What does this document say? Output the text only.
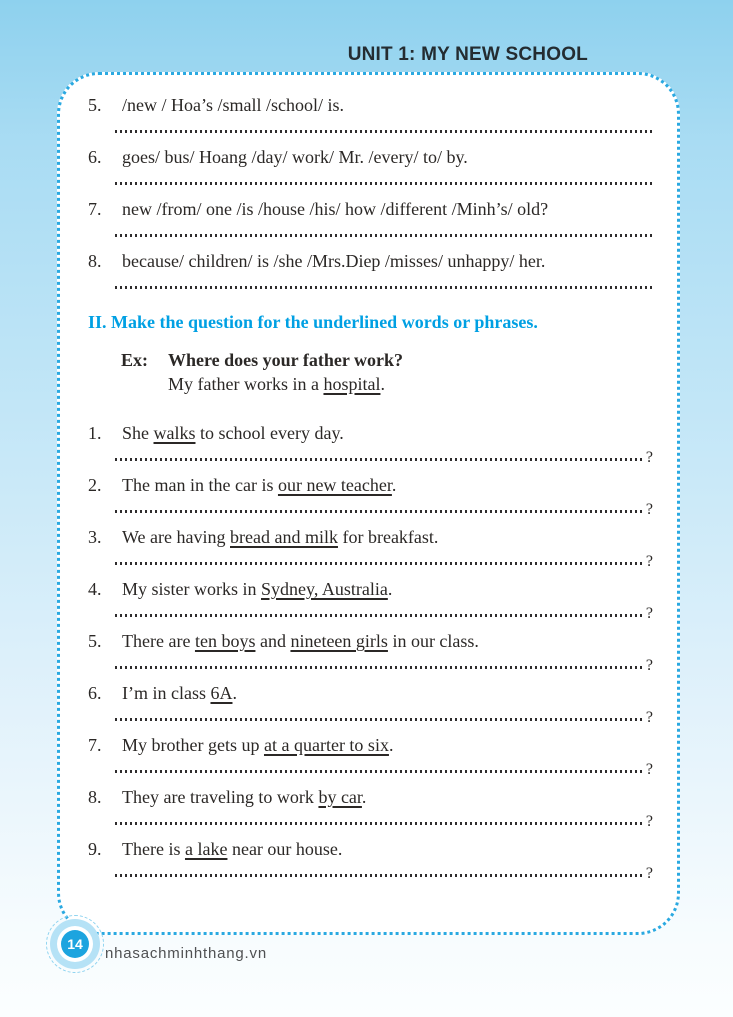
UNIT 1: MY NEW SCHOOL
5.	/new / Hoa’s /small /school/ is.
6.	goes/ bus/ Hoang /day/ work/ Mr. /every/ to/ by.
7.	new /from/ one /is /house /his/ how /different /Minh’s/ old?
8.	because/ children/ is /she /Mrs.Diep /misses/ unhappy/ her.
II. Make the question for the underlined words or phrases.
Ex:	Where does your father work?
My father works in a hospital.
1.	She walks to school every day.
?
2.	The man in the car is our new teacher.
?
3.	We are having bread and milk for breakfast.
?
4.	My sister works in Sydney, Australia.
?
5.	There are ten boys and nineteen girls in our class.
?
6.	I’m in class 6A.
?
7.	My brother gets up at a quarter to six.
?
8.	They are traveling to work by car.
?
9.	There is a lake near our house.
?
14
nhasachminhthang.vn
